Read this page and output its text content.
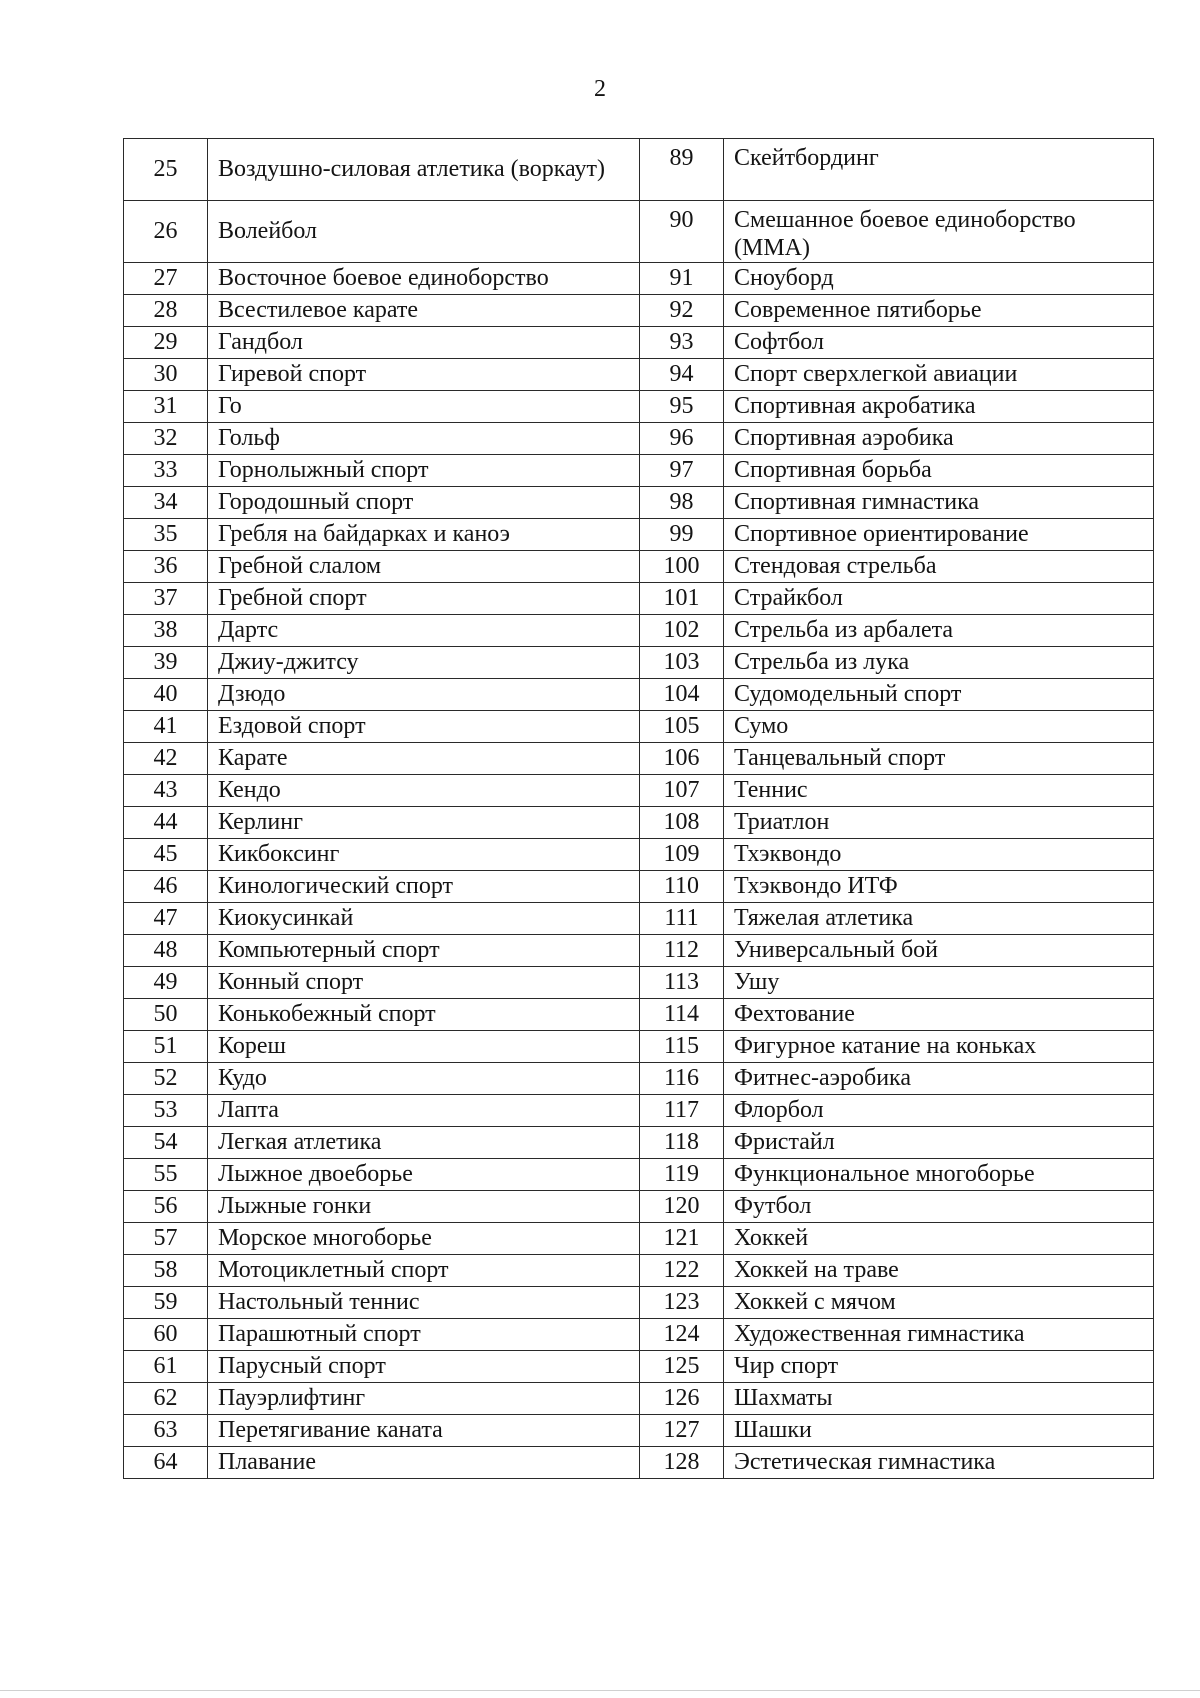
2
25	Воздушно-силовая атлетика (воркаут)	89	Скейтбординг
26	Волейбол	90	Смешанное боевое единоборство (ММА)
27	Восточное боевое единоборство	91	Сноуборд
28	Всестилевое карате	92	Современное пятиборье
29	Гандбол	93	Софтбол
30	Гиревой спорт	94	Спорт сверхлегкой авиации
31	Го	95	Спортивная акробатика
32	Гольф	96	Спортивная аэробика
33	Горнолыжный спорт	97	Спортивная борьба
34	Городошный спорт	98	Спортивная гимнастика
35	Гребля на байдарках и каноэ	99	Спортивное ориентирование
36	Гребной слалом	100	Стендовая стрельба
37	Гребной спорт	101	Страйкбол
38	Дартс	102	Стрельба из арбалета
39	Джиу-джитсу	103	Стрельба из лука
40	Дзюдо	104	Судомодельный спорт
41	Ездовой спорт	105	Сумо
42	Карате	106	Танцевальный спорт
43	Кендо	107	Теннис
44	Керлинг	108	Триатлон
45	Кикбоксинг	109	Тхэквондо
46	Кинологический спорт	110	Тхэквондо ИТФ
47	Киокусинкай	111	Тяжелая атлетика
48	Компьютерный спорт	112	Универсальный бой
49	Конный спорт	113	Ушу
50	Конькобежный спорт	114	Фехтование
51	Кореш	115	Фигурное катание на коньках
52	Кудо	116	Фитнес-аэробика
53	Лапта	117	Флорбол
54	Легкая атлетика	118	Фристайл
55	Лыжное двоеборье	119	Функциональное многоборье
56	Лыжные гонки	120	Футбол
57	Морское многоборье	121	Хоккей
58	Мотоциклетный спорт	122	Хоккей на траве
59	Настольный теннис	123	Хоккей с мячом
60	Парашютный спорт	124	Художественная гимнастика
61	Парусный спорт	125	Чир спорт
62	Пауэрлифтинг	126	Шахматы
63	Перетягивание каната	127	Шашки
64	Плавание	128	Эстетическая гимнастика
